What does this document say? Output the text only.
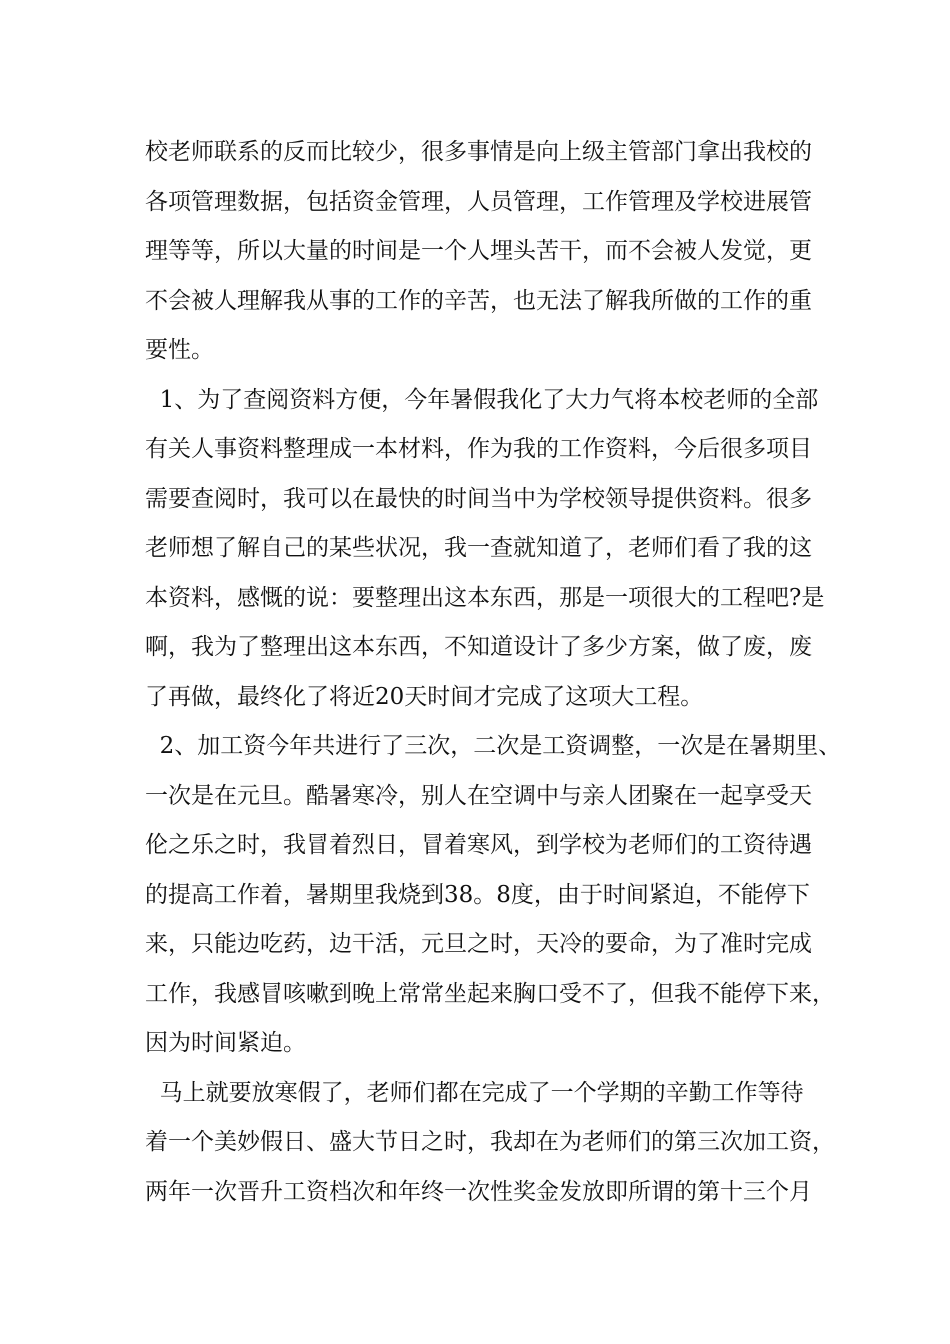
校老师联系的反而比较少，很多事情是向上级主管部门拿出我校的
各项管理数据，包括资金管理，人员管理，工作管理及学校进展管
理等等，所以大量的时间是一个人埋头苦干，而不会被人发觉，更
不会被人理解我从事的工作的辛苦，也无法了解我所做的工作的重
要性。
1、为了查阅资料方便，今年暑假我化了大力气将本校老师的全部
有关人事资料整理成一本材料，作为我的工作资料，今后很多项目
需要查阅时，我可以在最快的时间当中为学校领导提供资料。很多
老师想了解自己的某些状况，我一查就知道了，老师们看了我的这
本资料，感慨的说：要整理出这本东西，那是一项很大的工程吧?是
啊，我为了整理出这本东西，不知道设计了多少方案，做了废，废
了再做，最终化了将近20天时间才完成了这项大工程。
2、加工资今年共进行了三次，二次是工资调整，一次是在暑期里、
一次是在元旦。酷暑寒冷，别人在空调中与亲人团聚在一起享受天
伦之乐之时，我冒着烈日，冒着寒风，到学校为老师们的工资待遇
的提高工作着，暑期里我烧到38。8度，由于时间紧迫，不能停下
来，只能边吃药，边干活，元旦之时，天冷的要命，为了准时完成
工作，我感冒咳嗽到晚上常常坐起来胸口受不了，但我不能停下来，
因为时间紧迫。
马上就要放寒假了，老师们都在完成了一个学期的辛勤工作等待
着一个美妙假日、盛大节日之时，我却在为老师们的第三次加工资，
两年一次晋升工资档次和年终一次性奖金发放即所谓的第十三个月
